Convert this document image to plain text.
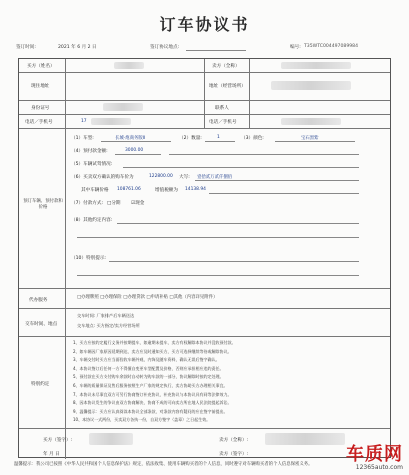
订车协议书
签订时间:	2021 年 6 月 2 日	签订协议地点:	编号: T35WTC004497089984
买方（姓名）	卖方（全称）
现住地址	地址（经营场所）
身份证号	联系人
电话／手机号	17	电话／手机号
预订车辆、预付款和价格
（1）车型:	长城·炮商务版Ⅱ	（2）数量:	1	（3）颜色:	宝石黑紫
（4）预付款金额:	3000.00
（5）车辆试驾情况:
（6）买卖双方确认的购车价为	122800.00 大写: 壹拾贰万贰仟捌佰
其中车辆价格 108761.06	增值税额为 14138.94
（7）付款方式: □分期 ☑现金
（8）其他约定内容:
（10）特别提示:
代办服务
□办理牌照 □办理保险 □办理贷款 □申请补贴 □其他（内容详见附件）
交车时间、地点
交车时间: 厂家排产后车辆送达
交车地点: 买方指定/卖方经营场所
特别约定
1、买方应按约定履行义务并按期提车，如逾期未提车，卖方有权解除本协议并没收预付款。
2、如车辆因厂家原因延期到达，卖方应及时通知买方，买方可选择继续等待或解除协议。
3、车辆交付时买方应当面验收车辆外观、内饰及随车资料，确认无误后签字确认。
4、本协议签订后任何一方不得擅自变更车型配置及价格，否则应承担相应违约责任。
5、预付款在买方支付购车余款时自动转为购车款的一部分，协议解除时按约定处理。
6、车辆的质量保证及售后服务按照生产厂家的规定执行，卖方协助买方办理相关事宜。
7、本协议未尽事宜双方可另行协商签订补充协议，补充协议与本协议具有同等法律效力。
8、因本协议发生的争议由双方协商解决，协商不成的可向卖方所在地人民法院提起诉讼。
9、温馨提示：买方应认真阅读本协议全部条款，对条款内容有疑问的应在签字前提出。
10、本协议一式两份，买卖双方各执一份，自双方签字（盖章）之日起生效。
买方（签字）:	卖方（全称）:
年 月 日	卖方（签字）:
温馨提示：我公司已按照《中华人民共和国个人信息保护法》规定，依法收集、使用车辆购买者的个人信息，同时遵守对车辆购买者的个人信息保密义务。 车质网
12365auto.com
